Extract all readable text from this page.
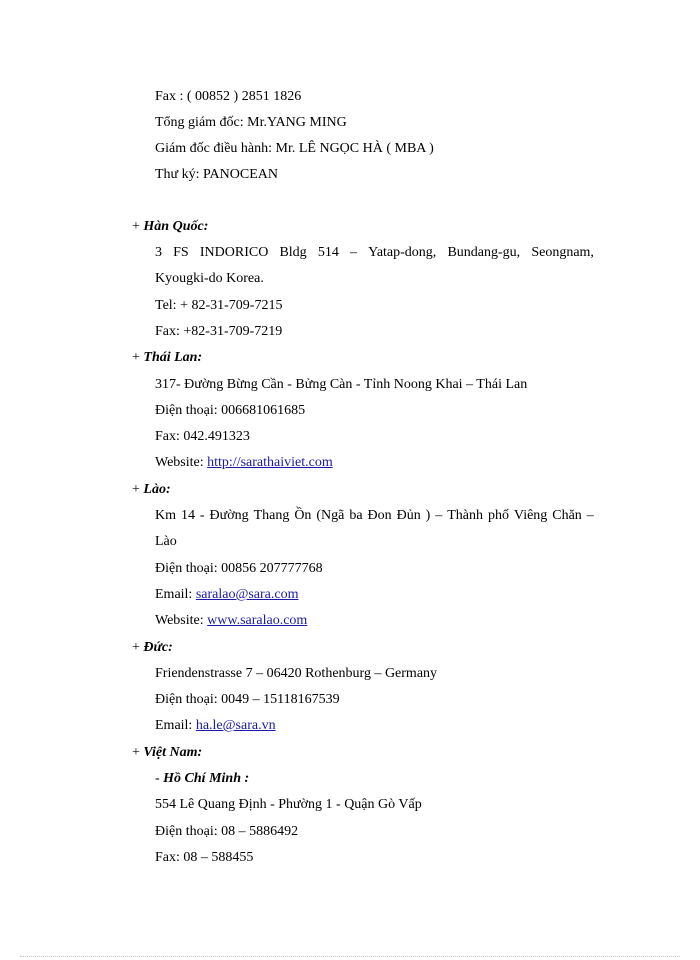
Fax : ( 00852 ) 2851 1826
Tổng giám đốc: Mr.YANG MING
Giám đốc điều hành: Mr. LÊ NGỌC HÀ ( MBA )
Thư ký: PANOCEAN
+ Hàn Quốc:
3 FS INDORICO Bldg 514 – Yatap-dong, Bundang-gu, Seongnam,
Kyougki-do Korea.
Tel: + 82-31-709-7215
Fax: +82-31-709-7219
+ Thái Lan:
317- Đường Bừng Cần - Bửng Càn - Tỉnh Noong Khai – Thái Lan
Điện thoại: 006681061685
Fax: 042.491323
Website: http://sarathaiviet.com
+ Lào:
Km 14 - Đường Thang Ồn (Ngã ba Đon Đủn ) – Thành phố Viêng Chăn –
Lào
Điện thoại: 00856 207777768
Email: saralao@sara.com
Website: www.saralao.com
+ Đức:
Friendenstrasse 7 – 06420 Rothenburg – Germany
Điện thoại: 0049 – 15118167539
Email: ha.le@sara.vn
+ Việt Nam:
- Hồ Chí Minh :
554 Lê Quang Định - Phường 1 - Quận Gò Vấp
Điện thoại: 08 – 5886492
Fax: 08 – 588455
